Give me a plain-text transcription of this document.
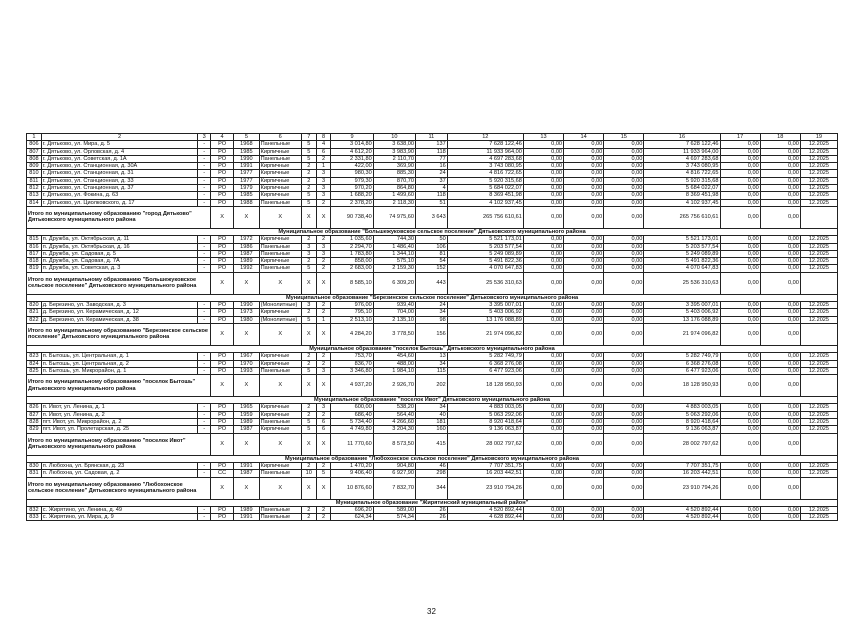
1	2	3	4	5	6	7	8	9	10	11	12	13	14	15	16	17	18	19
806	г. Дятьково, ул. Мира, д. 5	-	РО	1968	Панельные	5	4	3 014,80	3 638,00	137	7 628 122,46	0,00	0,00	0,00	7 628 122,46	0,00	0,00	12.2025
807	г. Дятьково, ул. Орловская, д. 4	-	РО	1985	Кирпичные	5	6	4 612,20	3 983,90	118	11 933 964,00	0,00	0,00	0,00	11 933 964,00	0,00	0,00	12.2025
808	г. Дятьково, ул. Советская, д. 1А	-	РО	1990	Панельные	5	2	2 331,80	2 110,70	77	4 697 283,68	0,00	0,00	0,00	4 697 283,68	0,00	0,00	12.2025
809	г. Дятьково, ул. Станционная, д. 30А	-	РО	1991	Кирпичные	2	1	422,00	369,90	16	3 743 080,95	0,00	0,00	0,00	3 743 080,95	0,00	0,00	12.2025
810	г. Дятьково, ул. Станционная, д. 31	-	РО	1977	Кирпичные	2	3	980,30	885,30	24	4 816 722,65	0,00	0,00	0,00	4 816 722,65	0,00	0,00	12.2025
811	г. Дятьково, ул. Станционная, д. 33	-	РО	1977	Кирпичные	2	3	979,30	870,70	37	5 920 315,68	0,00	0,00	0,00	5 920 315,68	0,00	0,00	12.2025
812	г. Дятьково, ул. Станционная, д. 37	-	РО	1979	Кирпичные	2	3	970,20	864,80	4	5 684 022,07	0,00	0,00	0,00	5 684 022,07	0,00	0,00	12.2025
813	г. Дятьково, ул. Фокина, д. 63	-	РО	1985	Кирпичные	5	3	1 688,20	1 499,60	118	8 369 451,98	0,00	0,00	0,00	8 369 451,98	0,00	0,00	12.2025
814	г. Дятьково, ул. Циолковского, д. 17	-	РО	1988	Панельные	5	2	2 378,20	2 118,30	51	4 102 937,45	0,00	0,00	0,00	4 102 937,45	0,00	0,00	12.2025
Итого по муниципальному образованию "город Дятьково" Дятьковского муниципального района			X	X	X	X	X	90 738,40	74 975,60	3 643	265 756 610,61	0,00	0,00	0,00	265 756 610,61	0,00	0,00	
Муниципальное образование "Большежуковское сельское поселение" Дятьковского муниципального района																		
815	п. Дружба, ул. Октябрьская, д. 11	-	РО	1972	Кирпичные	2	2	1 035,60	744,30	50	5 521 173,01	0,00	0,00	0,00	5 521 173,01	0,00	0,00	12.2025
816	п. Дружба, ул. Октябрьская, д. 16	-	РО	1986	Панельные	3	3	2 294,70	1 486,40	106	5 203 577,54	0,00	0,00	0,00	5 203 577,54	0,00	0,00	12.2025
817	п. Дружба, ул. Садовая, д. 5	-	РО	1987	Панельные	3	3	1 783,80	1 344,10	81	5 249 089,89	0,00	0,00	0,00	5 249 089,89	0,00	0,00	12.2025
818	п. Дружба, ул. Садовая, д. 7А	-	РО	1989	Кирпичные	2	2	858,00	575,10	54	5 491 822,36	0,00	0,00	0,00	5 491 822,36	0,00	0,00	12.2025
819	п. Дружба, ул. Советская, д. 3	-	РО	1992	Панельные	5	2	2 683,00	2 159,30	152	4 070 647,83	0,00	0,00	0,00	4 070 647,83	0,00	0,00	12.2025
Итого по муниципальному образованию "Большежуковское сельское поселение" Дятьковского муниципального района			X	X	X	X	X	8 585,10	6 309,20	443	25 536 310,63	0,00	0,00	0,00	25 536 310,63	0,00	0,00	
Муниципальное образование "Березинское сельское поселение" Дятьковского муниципального района																		
820	д. Березино, ул. Заводская, д. 3	-	РО	1990	(Монолитные)	3	2	976,00	939,40	24	3 395 007,01	0,00	0,00	0,00	3 395 007,01	0,00	0,00	12.2025
821	д. Березино, ул. Керамическая, д. 12	-	РО	1973	Кирпичные	2	2	795,10	704,00	34	5 403 006,92	0,00	0,00	0,00	5 403 006,92	0,00	0,00	12.2025
822	д. Березино, ул. Керамическая, д. 38	-	РО	1980	(Монолитные)	5	1	2 513,10	2 135,10	98	13 176 088,89	0,00	0,00	0,00	13 176 088,89	0,00	0,00	12.2025
Итого по муниципальному образованию "Березинское сельское поселение" Дятьковского муниципального района			X	X	X	X	X	4 284,20	3 778,50	156	21 974 096,82	0,00	0,00	0,00	21 974 096,82	0,00	0,00	
Муниципальное образование "поселок Бытошь" Дятьковского муниципального района																		
823	п. Бытошь, ул. Центральная, д. 1	-	РО	1967	Кирпичные	2	2	753,70	454,60	13	5 282 749,79	0,00	0,00	0,00	5 282 749,79	0,00	0,00	12.2025
824	п. Бытошь, ул. Центральная, д. 2	-	РО	1970	Кирпичные	2	2	836,70	488,00	34	6 368 276,08	0,00	0,00	0,00	6 368 276,08	0,00	0,00	12.2025
825	п. Бытошь, ул. Микрорайон, д. 1	-	РО	1993	Панельные	5	3	3 346,80	1 984,10	115	6 477 923,06	0,00	0,00	0,00	6 477 923,06	0,00	0,00	12.2025
Итого по муниципальному образованию "поселок Бытошь" Дятьковского муниципального района			X	X	X	X	X	4 937,20	2 926,70	202	18 128 950,93	0,00	0,00	0,00	18 128 950,93	0,00	0,00	
Муниципальное образование "поселок Ивот" Дятьковского муниципального района																		
826	п. Ивот, ул. Ленина, д. 1	-	РО	1965	Кирпичные	2	3	600,00	538,20	34	4 883 003,05	0,00	0,00	0,00	4 883 003,05	0,00	0,00	12.2025
827	п. Ивот, ул. Ленина, д. 2	-	РО	1959	Кирпичные	2	2	686,40	564,40	40	5 063 292,06	0,00	0,00	0,00	5 063 292,06	0,00	0,00	12.2025
828	пгт. Ивот, ул. Микрорайон, д. 2	-	РО	1989	Панельные	5	6	5 734,40	4 266,60	181	8 920 418,64	0,00	0,00	0,00	8 920 418,64	0,00	0,00	12.2025
829	пгт. Ивот, ул. Пролетарская, д. 25	-	РО	1987	Кирпичные	5	6	4 749,80	3 204,30	160	9 136 063,87	0,00	0,00	0,00	9 136 063,87	0,00	0,00	12.2025
Итого по муниципальному образованию "поселок Ивот" Дятьковского муниципального района			X	X	X	X	X	11 770,60	8 573,50	415	28 002 797,62	0,00	0,00	0,00	28 002 797,62	0,00	0,00	
Муниципальное образование "Любохонское сельское поселение" Дятьковского муниципального района																		
830	п. Любохна, ул. Брянская, д. 23	-	РО	1991	Кирпичные	2	2	1 470,20	904,80	46	7 707 351,75	0,00	0,00	0,00	7 707 351,75	0,00	0,00	12.2025
831	п. Любохна, ул. Садовая, д. 2	-	СС	1987	Панельные	10	5	9 406,40	6 927,90	298	16 203 442,51	0,00	0,00	0,00	16 203 442,51	0,00	0,00	12.2025
Итого по муниципальному образованию "Любохонское сельское поселение" Дятьковского муниципального района			X	X	X	X	X	10 876,60	7 832,70	344	23 910 794,26	0,00	0,00	0,00	23 910 794,26	0,00	0,00	
Муниципальное образование "Жирятинский муниципальный район"																		
832	с. Жирятино, ул. Ленина, д. 49	-	РО	1989	Панельные	2	2	696,20	589,00	26	4 520 892,44	0,00	0,00	0,00	4 520 892,44	0,00	0,00	12.2025
833	с. Жирятино, ул. Мира, д. 9	-	РО	1991	Панельные	2	2	624,34	574,34	26	4 628 892,44	0,00	0,00	0,00	4 520 892,44	0,00	0,00	12.2025
32
